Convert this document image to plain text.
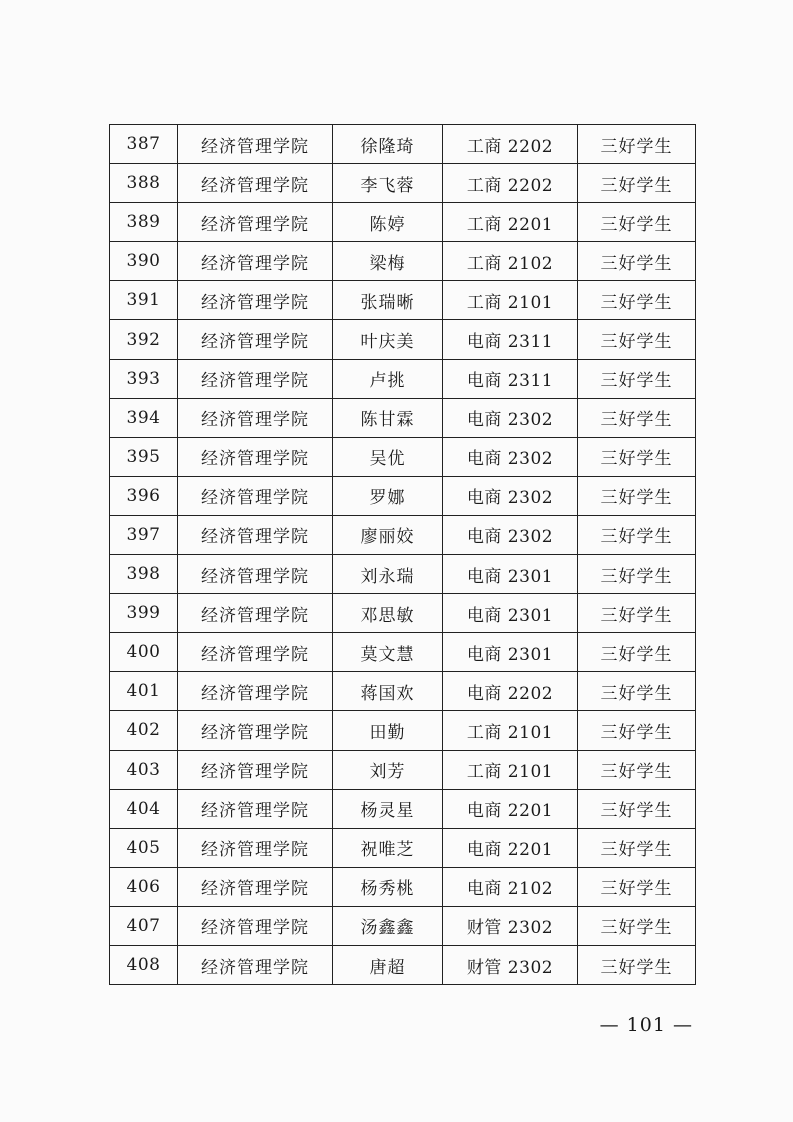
387	经济管理学院	徐隆琦	工商 2202	三好学生
388	经济管理学院	李飞蓉	工商 2202	三好学生
389	经济管理学院	陈婷	工商 2201	三好学生
390	经济管理学院	梁梅	工商 2102	三好学生
391	经济管理学院	张瑞晰	工商 2101	三好学生
392	经济管理学院	叶庆美	电商 2311	三好学生
393	经济管理学院	卢挑	电商 2311	三好学生
394	经济管理学院	陈甘霖	电商 2302	三好学生
395	经济管理学院	吴优	电商 2302	三好学生
396	经济管理学院	罗娜	电商 2302	三好学生
397	经济管理学院	廖丽姣	电商 2302	三好学生
398	经济管理学院	刘永瑞	电商 2301	三好学生
399	经济管理学院	邓思敏	电商 2301	三好学生
400	经济管理学院	莫文慧	电商 2301	三好学生
401	经济管理学院	蒋国欢	电商 2202	三好学生
402	经济管理学院	田勤	工商 2101	三好学生
403	经济管理学院	刘芳	工商 2101	三好学生
404	经济管理学院	杨灵星	电商 2201	三好学生
405	经济管理学院	祝唯芝	电商 2201	三好学生
406	经济管理学院	杨秀桃	电商 2102	三好学生
407	经济管理学院	汤鑫鑫	财管 2302	三好学生
408	经济管理学院	唐超	财管 2302	三好学生
— 101 —
